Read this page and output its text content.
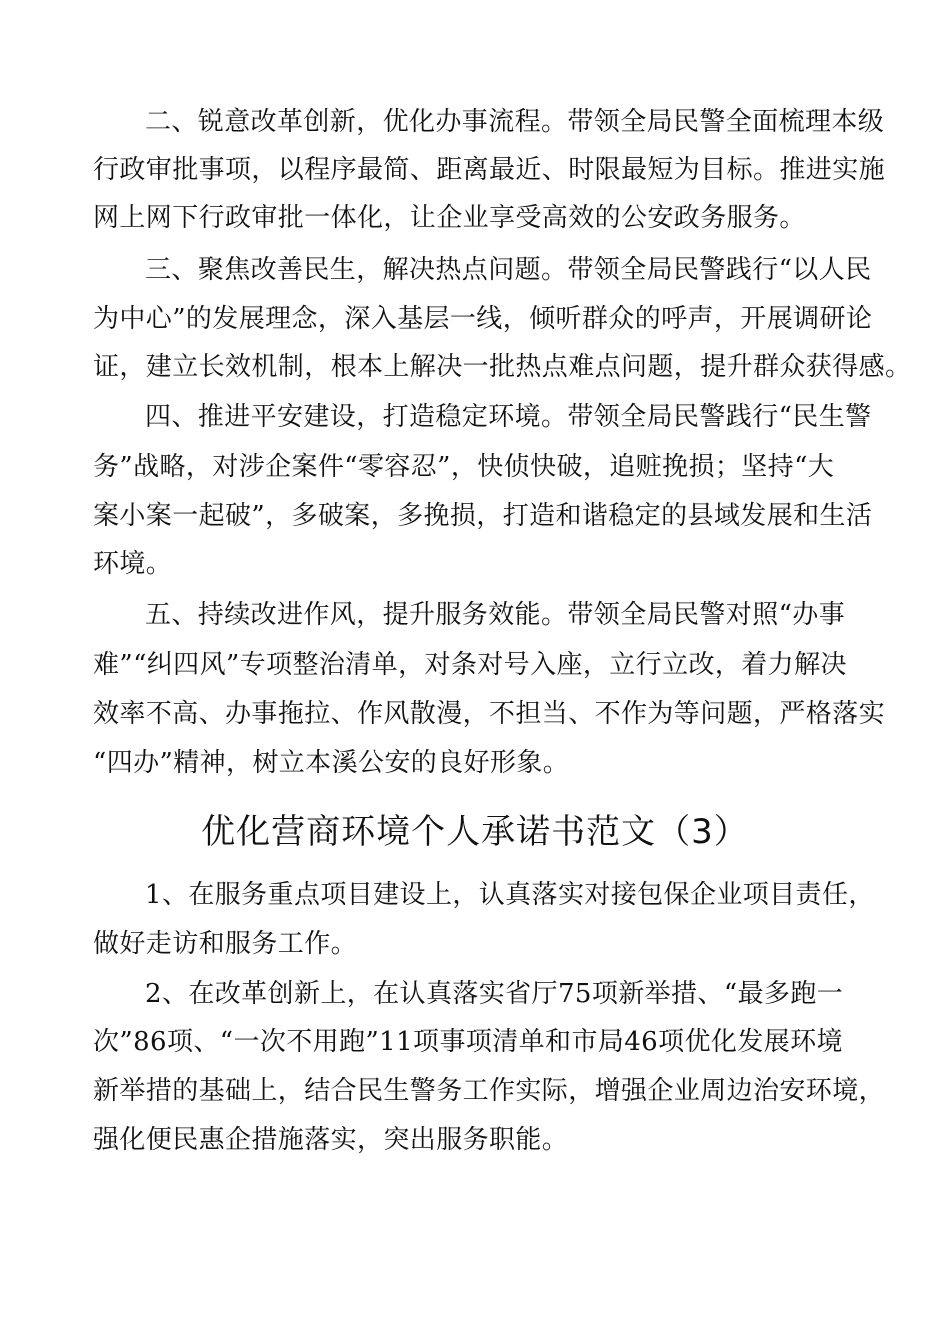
二、锐意改革创新，优化办事流程。带领全局民警全面梳理本级
行政审批事项，以程序最简、距离最近、时限最短为目标。推进实施
网上网下行政审批一体化，让企业享受高效的公安政务服务。
三、聚焦改善民生，解决热点问题。带领全局民警践行“以人民
为中心”的发展理念，深入基层一线，倾听群众的呼声，开展调研论
证，建立长效机制，根本上解决一批热点难点问题，提升群众获得感。
四、推进平安建设，打造稳定环境。带领全局民警践行“民生警
务”战略，对涉企案件“零容忍”，快侦快破，追赃挽损；坚持“大
案小案一起破”，多破案，多挽损，打造和谐稳定的县域发展和生活
环境。
五、持续改进作风，提升服务效能。带领全局民警对照“办事
难”“纠四风”专项整治清单，对条对号入座，立行立改，着力解决
效率不高、办事拖拉、作风散漫，不担当、不作为等问题，严格落实
“四办”精神，树立本溪公安的良好形象。
优化营商环境个人承诺书范文（3）
1、在服务重点项目建设上，认真落实对接包保企业项目责任，
做好走访和服务工作。
2、在改革创新上，在认真落实省厅75项新举措、“最多跑一
次”86项、“一次不用跑”11项事项清单和市局46项优化发展环境
新举措的基础上，结合民生警务工作实际，增强企业周边治安环境，
强化便民惠企措施落实，突出服务职能。
